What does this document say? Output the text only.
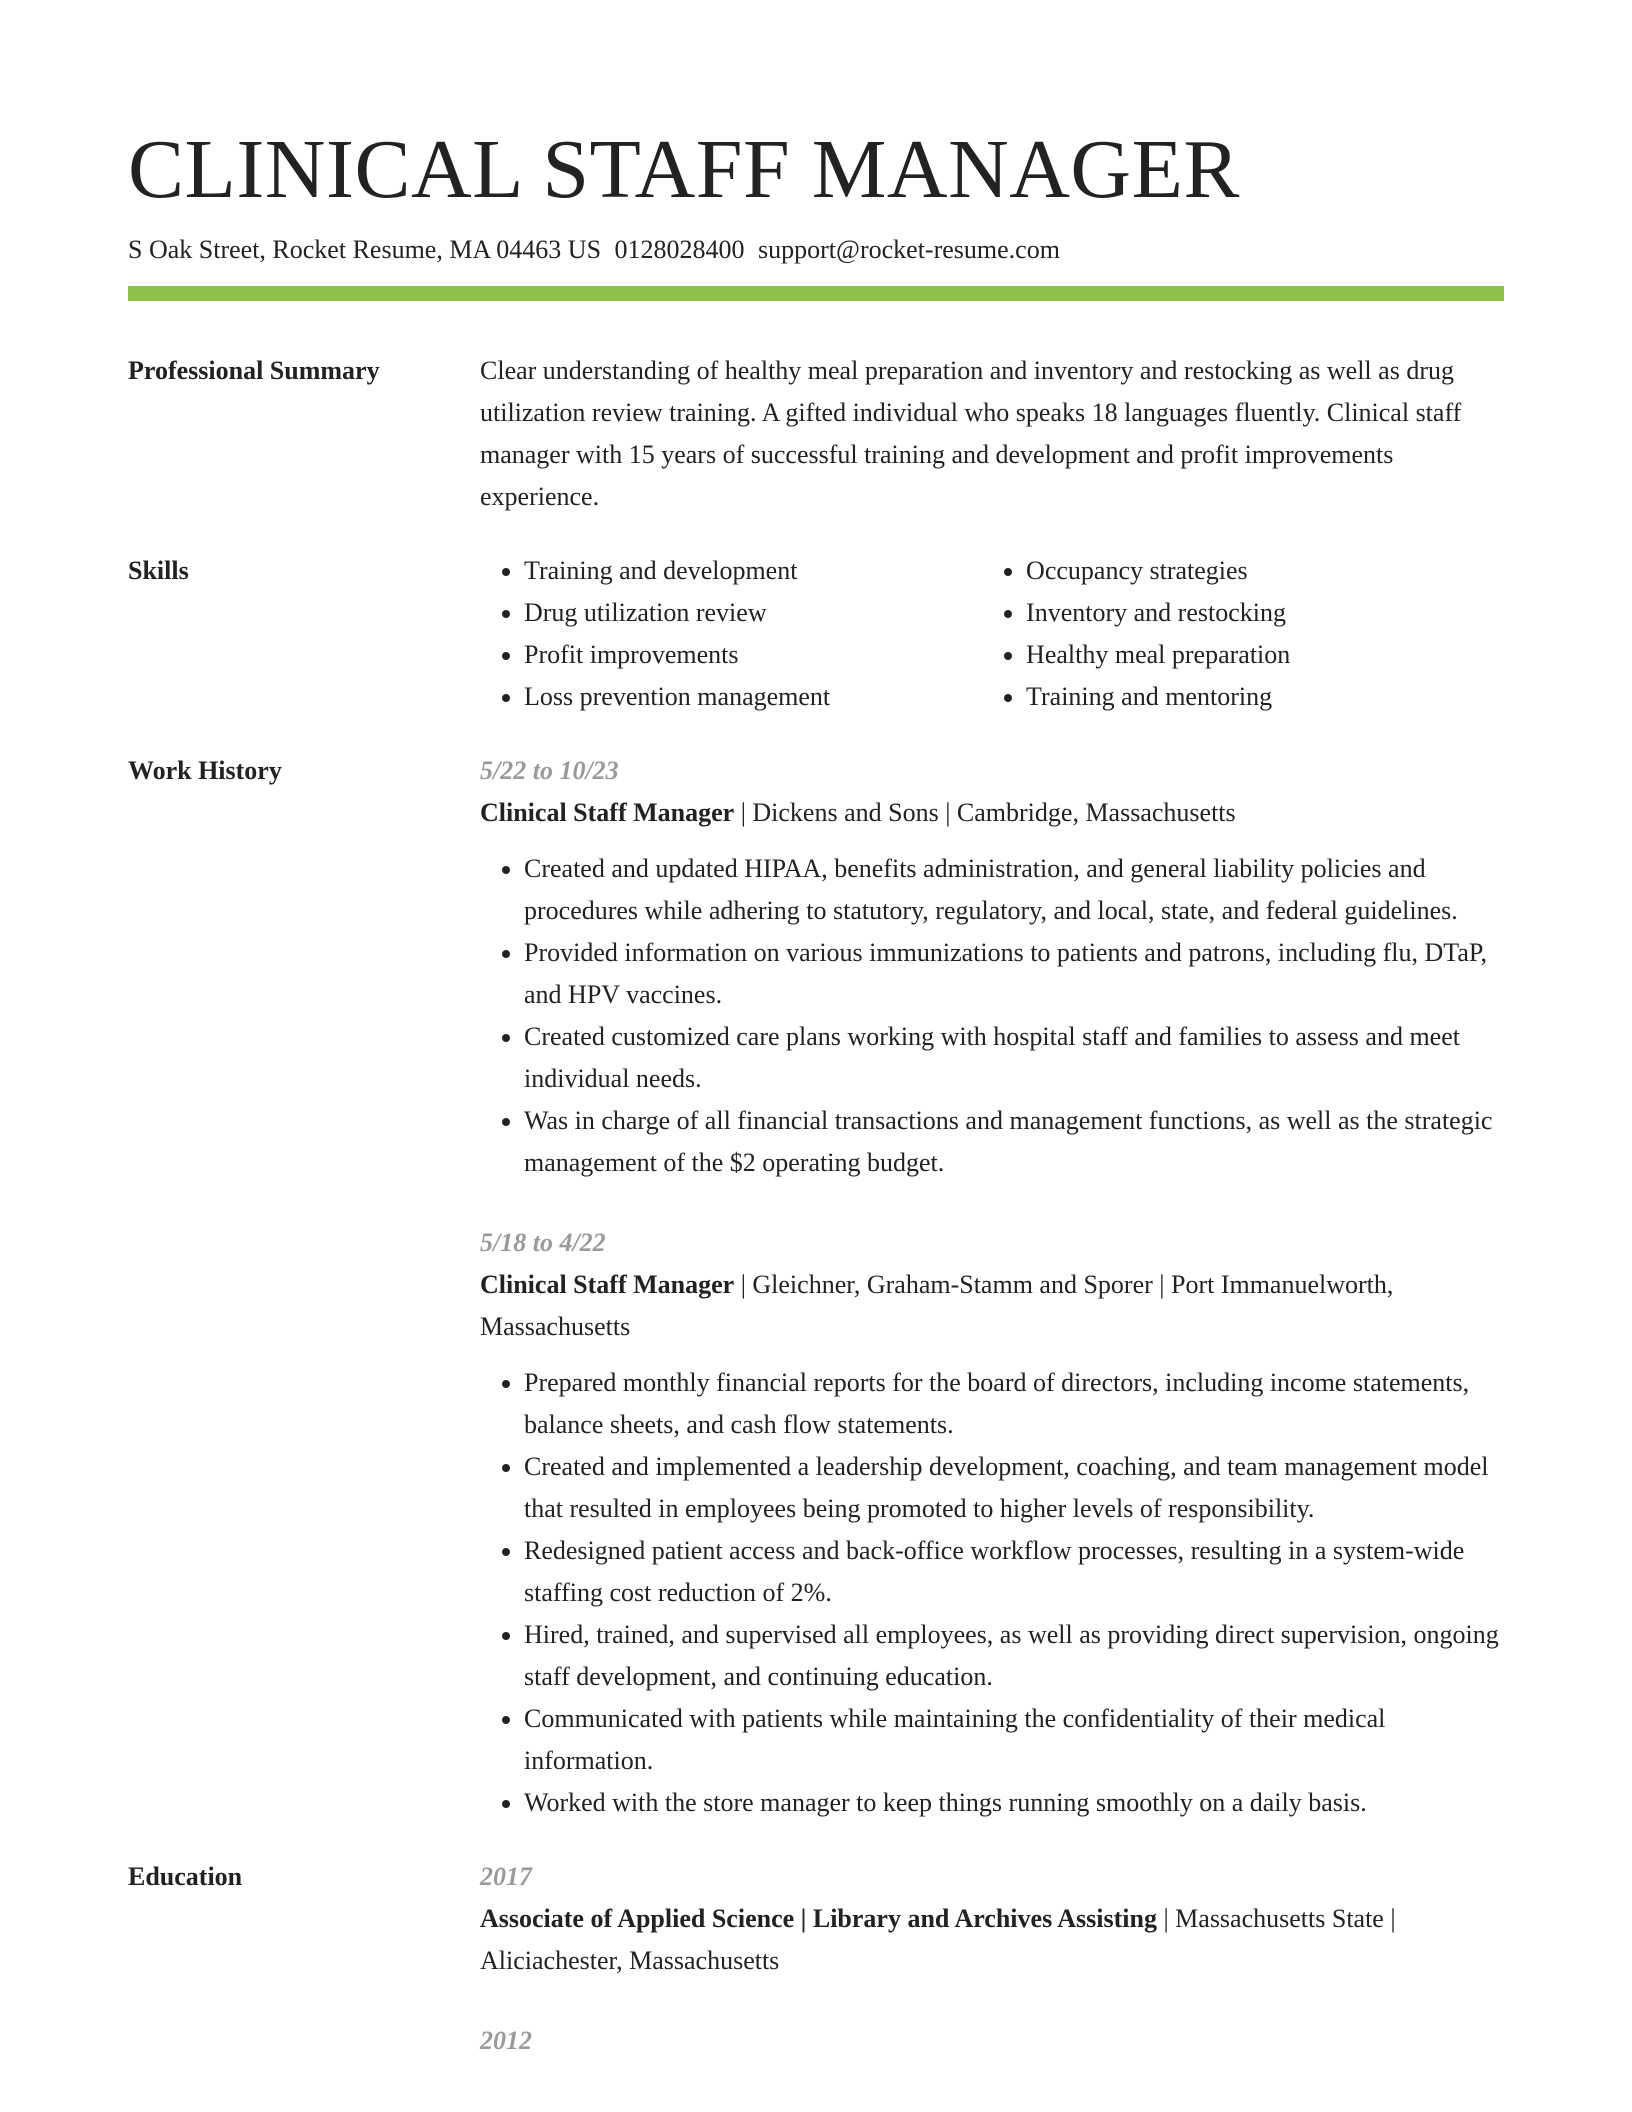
CLINICAL STAFF MANAGER
S Oak Street, Rocket Resume, MA 04463 US 0128028400 support@rocket-resume.com
Professional Summary	Clear understanding of healthy meal preparation and inventory and restocking as well as drug utilization review training. A gifted individual who speaks 18 languages fluently. Clinical staff manager with 15 years of successful training and development and profit improvements experience.

Skills
•	Training and development
• Drug utilization review
• Profit improvements
• Loss prevention management
• Occupancy strategies
• Inventory and restocking
• Healthy meal preparation
• Training and mentoring
Work History	5/22 to 10/23
Clinical Staff Manager | Dickens and Sons | Cambridge, Massachusetts
• Created and updated HIPAA, benefits administration, and general liability policies and procedures while adhering to statutory, regulatory, and local, state, and federal guidelines.
• Provided information on various immunizations to patients and patrons, including flu, DTaP, and HPV vaccines.
• Created customized care plans working with hospital staff and families to assess and meet individual needs.
• Was in charge of all financial transactions and management functions, as well as the strategic management of the $2 operating budget.
5/18 to 4/22
Clinical Staff Manager | Gleichner, Graham-Stamm and Sporer | Port Immanuelworth, Massachusetts
• Prepared monthly financial reports for the board of directors, including income statements, balance sheets, and cash flow statements.
• Created and implemented a leadership development, coaching, and team management model that resulted in employees being promoted to higher levels of responsibility.
• Redesigned patient access and back-office workflow processes, resulting in a system-wide staffing cost reduction of 2%.
• Hired, trained, and supervised all employees, as well as providing direct supervision, ongoing staff development, and continuing education.
• Communicated with patients while maintaining the confidentiality of their medical information.
• Worked with the store manager to keep things running smoothly on a daily basis.
Education	2017
Associate of Applied Science | Library and Archives Assisting | Massachusetts State | Aliciachester, Massachusetts
2012
